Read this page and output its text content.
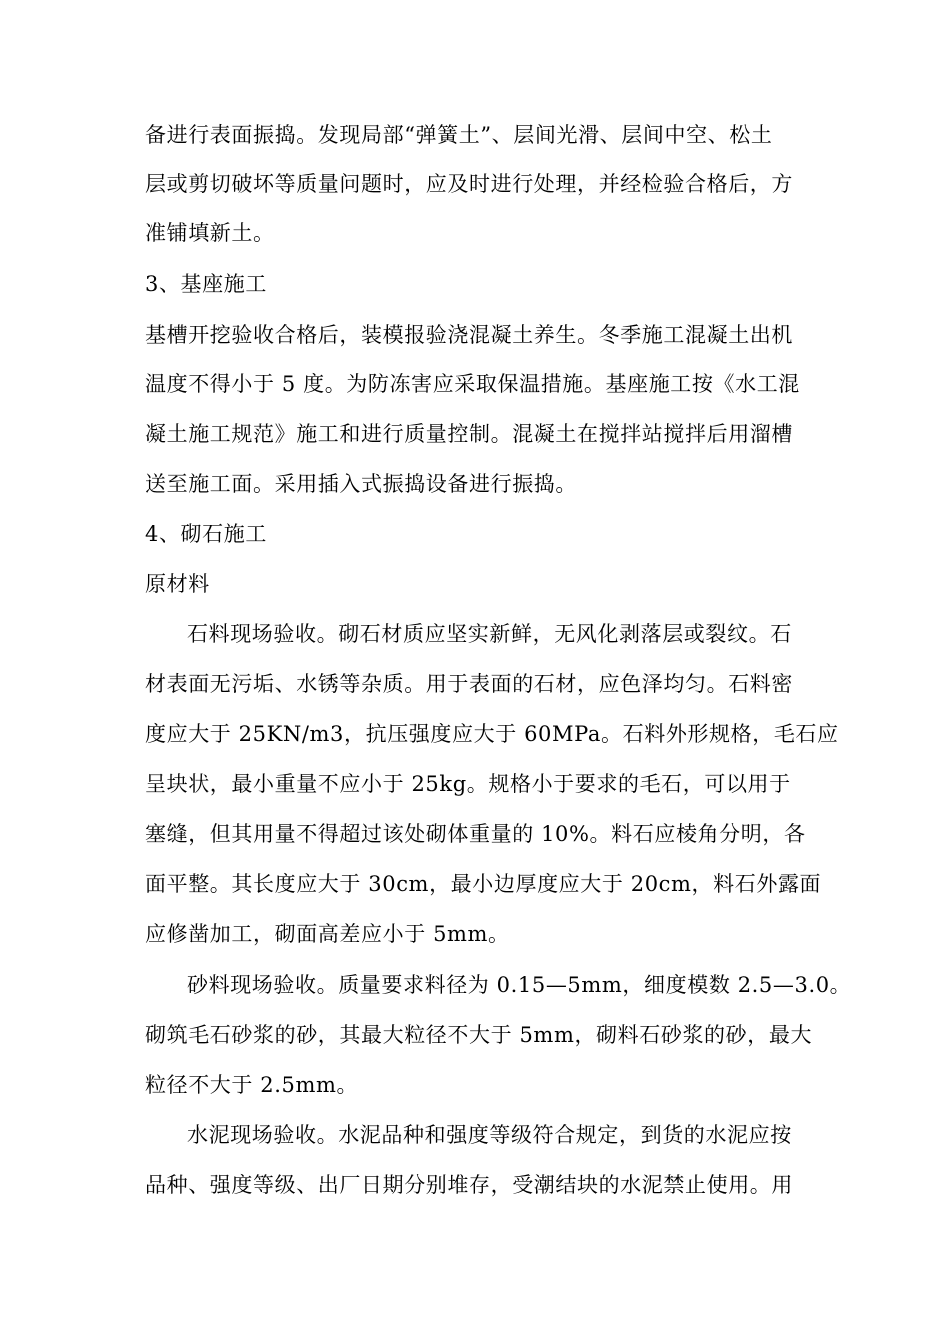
备进行表面振捣。发现局部“弹簧土”、层间光滑、层间中空、松土
层或剪切破坏等质量问题时，应及时进行处理，并经检验合格后，方
准铺填新土。
3、基座施工
基槽开挖验收合格后，装模报验浇混凝土养生。冬季施工混凝土出机
温度不得小于 5 度。为防冻害应采取保温措施。基座施工按《水工混
凝土施工规范》施工和进行质量控制。混凝土在搅拌站搅拌后用溜槽
送至施工面。采用插入式振捣设备进行振捣。
4、砌石施工
原材料
石料现场验收。砌石材质应坚实新鲜，无风化剥落层或裂纹。石
材表面无污垢、水锈等杂质。用于表面的石材，应色泽均匀。石料密
度应大于 25KN/m3，抗压强度应大于 60MPa。石料外形规格，毛石应
呈块状，最小重量不应小于 25kg。规格小于要求的毛石，可以用于
塞缝，但其用量不得超过该处砌体重量的 10%。料石应棱角分明，各
面平整。其长度应大于 30cm，最小边厚度应大于 20cm，料石外露面
应修凿加工，砌面高差应小于 5mm。
砂料现场验收。质量要求料径为 0.15—5mm，细度模数 2.5—3.0。
砌筑毛石砂浆的砂，其最大粒径不大于 5mm，砌料石砂浆的砂，最大
粒径不大于 2.5mm。
水泥现场验收。水泥品种和强度等级符合规定，到货的水泥应按
品种、强度等级、出厂日期分别堆存，受潮结块的水泥禁止使用。用
